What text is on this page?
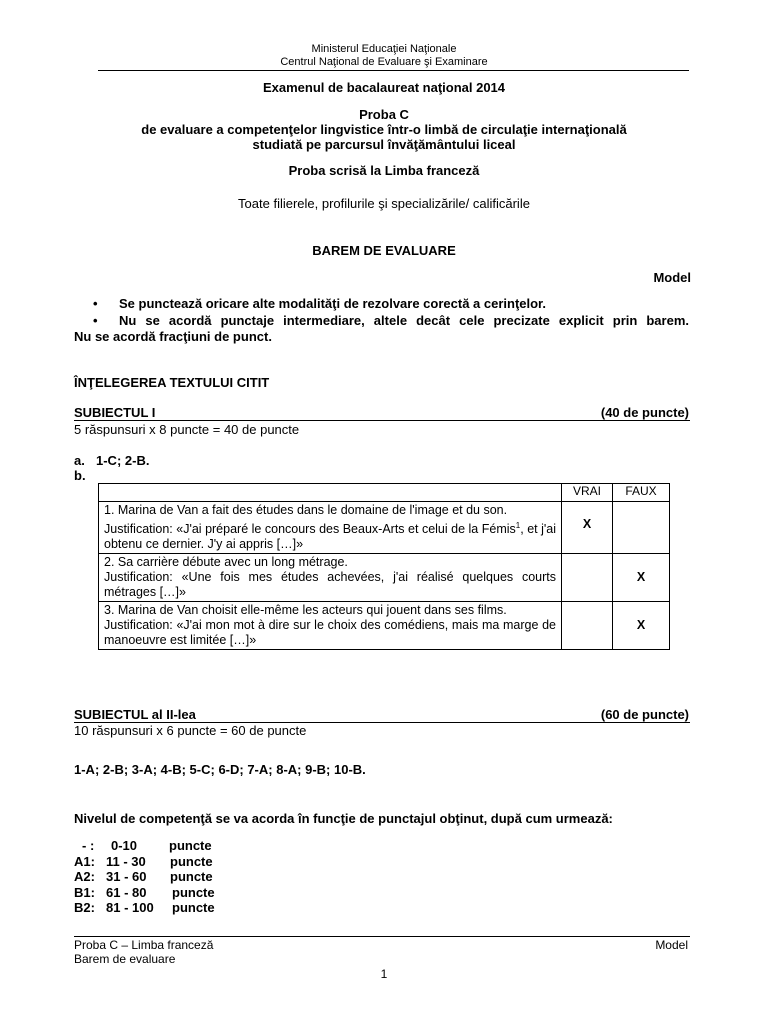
Ministerul Educaţiei Naţionale
Centrul Naţional de Evaluare şi Examinare
Examenul de bacalaureat naţional 2014
Proba C
de evaluare a competenţelor lingvistice într-o limbă de circulaţie internaţională
studiată pe parcursul învăţământului liceal
Proba scrisă la Limba franceză
Toate filierele, profilurile şi specializările/ calificările
BAREM DE EVALUARE
Model
• Se punctează oricare alte modalităţi de rezolvare corectă a cerinţelor.
• Nu se acordă punctaje intermediare, altele decât cele precizate explicit prin barem.
Nu se acordă fracţiuni de punct.
ÎNŢELEGEREA TEXTULUI CITIT
SUBIECTUL I	(40 de puncte)
5 răspunsuri x 8 puncte = 40 de puncte
a. 1-C; 2-B.
b.
	VRAI	FAUX
1. Marina de Van a fait des études dans le domaine de l'image et du son.
Justification: «J'ai préparé le concours des Beaux-Arts et celui de la Fémis$^1$, et j'ai obtenu ce dernier. J'y ai appris […]»	X	
2. Sa carrière débute avec un long métrage.
Justification: «Une fois mes études achevées, j'ai réalisé quelques courts métrages […]»		X
3. Marina de Van choisit elle-même les acteurs qui jouent dans ses films.
Justification: «J'ai mon mot à dire sur le choix des comédiens, mais ma marge de manoeuvre est limitée […]»		X
SUBIECTUL al II-lea	(60 de puncte)
10 răspunsuri x 6 puncte = 60 de puncte
1-A; 2-B; 3-A; 4-B; 5-C; 6-D; 7-A; 8-A; 9-B; 10-B.
Nivelul de competenţă se va acorda în funcţie de punctajul obţinut, după cum urmează:
- : 0-10 puncte
A1: 11 - 30 puncte
A2: 31 - 60 puncte
B1: 61 - 80 puncte
B2: 81 - 100 puncte
Proba C – Limba franceză
Barem de evaluare
Model
1
